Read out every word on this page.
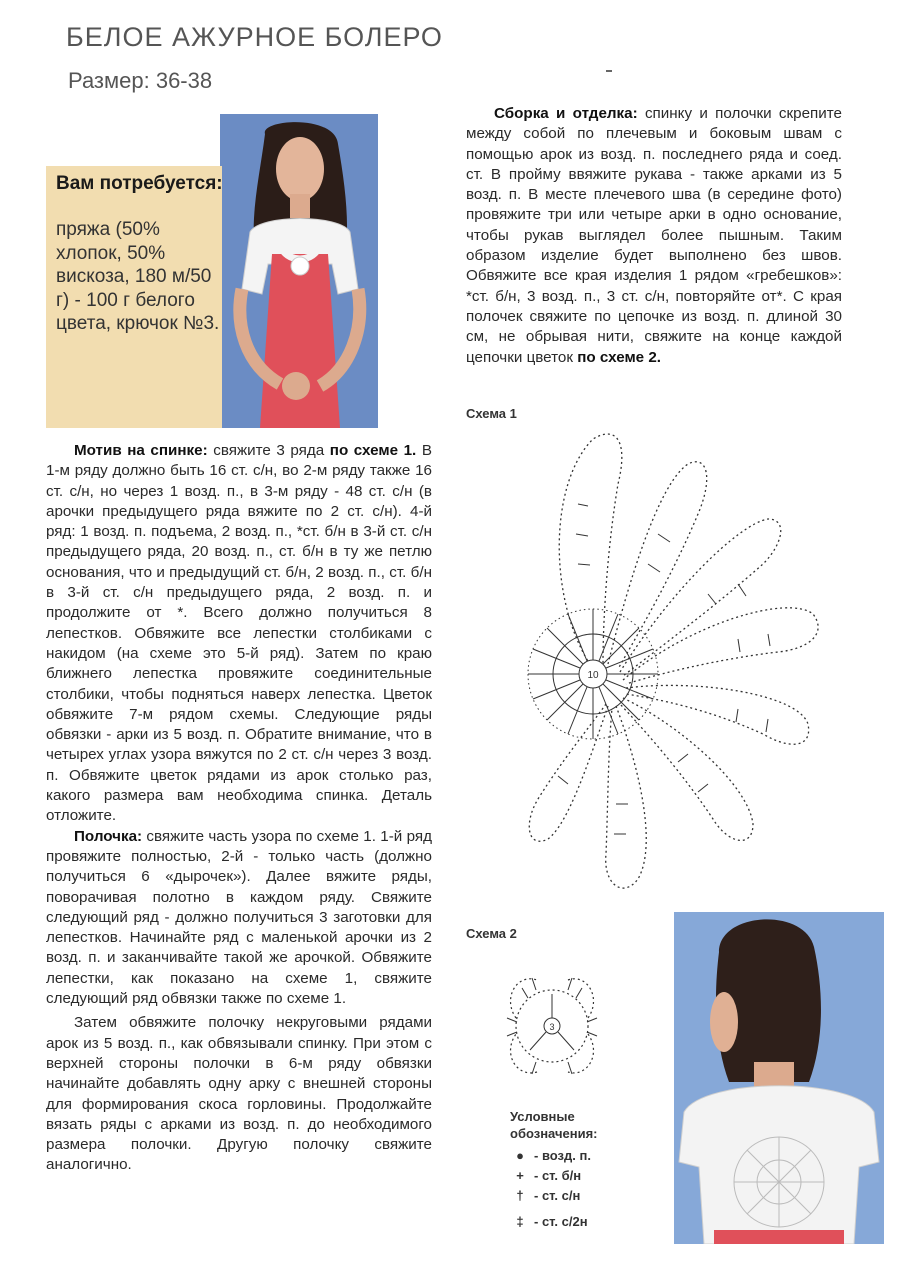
БЕЛОЕ АЖУРНОЕ БОЛЕРО
Размер: 36-38
Вам потребуется:
пряжа (50% хлопок, 50% вискоза, 180 м/50 г) - 100 г белого цвета, крючок №3.

Мотив на спинке: свяжите 3 ряда по схеме 1. В 1-м ряду должно быть 16 ст. с/н, во 2-м ряду также 16 ст. с/н, но через 1 возд. п., в 3-м ряду - 48 ст. с/н (в арочки предыдущего ряда вяжите по 2 ст. с/н). 4-й ряд: 1 возд. п. подъема, 2 возд. п., *ст. б/н в 3-й ст. с/н предыдущего ряда, 20 возд. п., ст. б/н в ту же петлю основания, что и предыдущий ст. б/н, 2 возд. п., ст. б/н в 3-й ст. с/н предыдущего ряда, 2 возд. п. и продолжите от *. Всего должно получиться 8 лепестков. Обвяжите все лепестки столбиками с накидом (на схеме это 5-й ряд). Затем по краю ближнего лепестка провяжите соединительные столбики, чтобы подняться наверх лепестка. Цветок обвяжите 7-м рядом схемы. Следующие ряды обвязки - арки из 5 возд. п. Обратите внимание, что в четырех углах узора вяжутся по 2 ст. с/н через 3 возд. п. Обвяжите цветок рядами из арок столько раз, какого размера вам необходима спинка. Деталь отложите.

Полочка: свяжите часть узора по схеме 1. 1-й ряд провяжите полностью, 2-й - только часть (должно получиться 6 «дырочек»). Далее вяжите ряды, поворачивая полотно в каждом ряду. Свяжите следующий ряд - должно получиться 3 заготовки для лепестков. Начинайте ряд с маленькой арочки из 2 возд. п. и заканчивайте такой же арочкой. Обвяжите лепестки, как показано на схеме 1, свяжите следующий ряд обвязки также по схеме 1.

Затем обвяжите полочку некруговыми рядами арок из 5 возд. п., как обвязывали спинку. При этом с верхней стороны полочки в 6-м ряду обвязки начинайте добавлять одну арку с внешней стороны для формирования скоса горловины. Продолжайте вязать ряды с арками из возд. п. до необходимого размера полочки. Другую полочку свяжите аналогично.

Сборка и отделка: спинку и полочки скрепите между собой по плечевым и боковым швам с помощью арок из возд. п. последнего ряда и соед. ст. В пройму ввяжите рукава - также арками из 5 возд. п. В месте плечевого шва (в середине фото) провяжите три или четыре арки в одно основание, чтобы рукав выглядел более пышным. Таким образом изделие будет выполнено без швов. Обвяжите все края изделия 1 рядом «гребешков»: *ст. б/н, 3 возд. п., 3 ст. с/н, повторяйте от*. С края полочек свяжите по цепочке из возд. п. длиной 30 см, не обрывая нити, свяжите на конце каждой цепочки цветок по схеме 2.

Схема 1
10
Схема 2
3
Условные обозначения:
● - возд. п.
+ - ст. б/н
† - ст. с/н
‡ - ст. с/2н
